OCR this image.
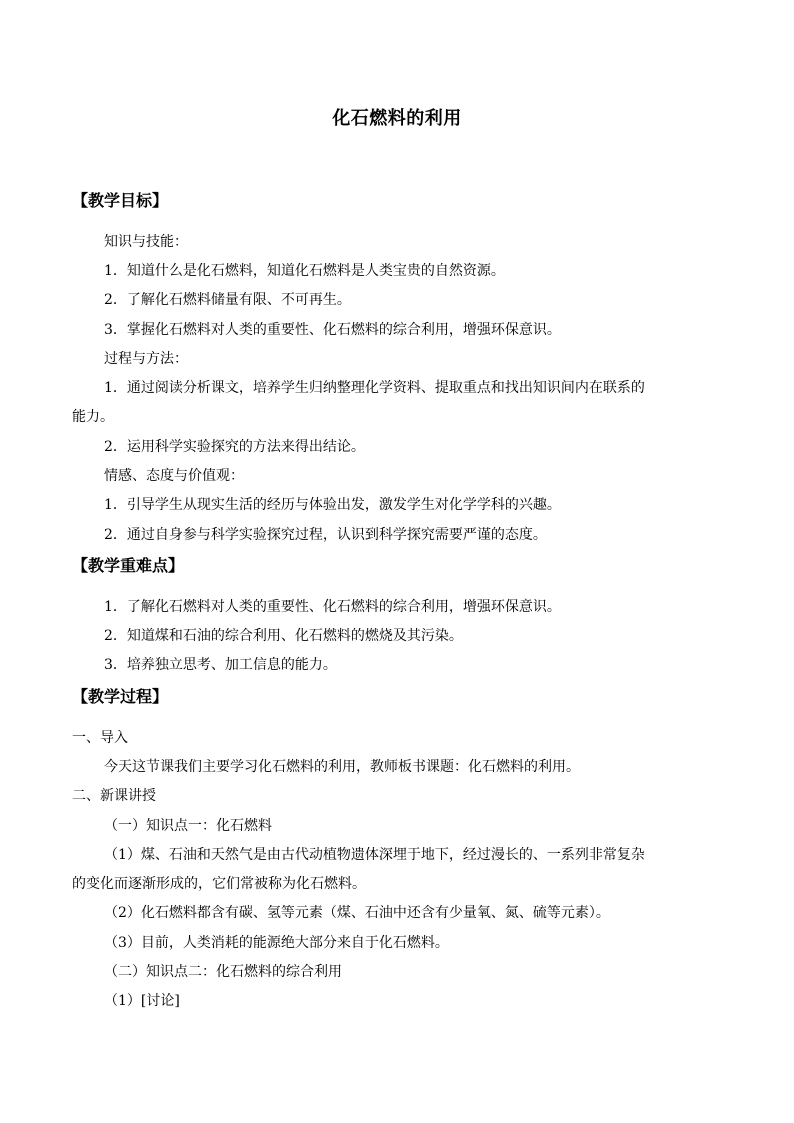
化石燃料的利用
【教学目标】
知识与技能：
1．知道什么是化石燃料，知道化石燃料是人类宝贵的自然资源。
2．了解化石燃料储量有限、不可再生。
3．掌握化石燃料对人类的重要性、化石燃料的综合利用，增强环保意识。
过程与方法：
1．通过阅读分析课文，培养学生归纳整理化学资料、提取重点和找出知识间内在联系的
能力。
2．运用科学实验探究的方法来得出结论。
情感、态度与价值观：
1．引导学生从现实生活的经历与体验出发，激发学生对化学学科的兴趣。
2．通过自身参与科学实验探究过程，认识到科学探究需要严谨的态度。
【教学重难点】
1．了解化石燃料对人类的重要性、化石燃料的综合利用，增强环保意识。
2．知道煤和石油的综合利用、化石燃料的燃烧及其污染。
3．培养独立思考、加工信息的能力。
【教学过程】
一、导入
今天这节课我们主要学习化石燃料的利用，教师板书课题：化石燃料的利用。
二、新课讲授
（一）知识点一：化石燃料
（1）煤、石油和天然气是由古代动植物遗体深埋于地下，经过漫长的、一系列非常复杂
的变化而逐渐形成的，它们常被称为化石燃料。
（2）化石燃料都含有碳、氢等元素（煤、石油中还含有少量氧、氮、硫等元素）。
（3）目前，人类消耗的能源绝大部分来自于化石燃料。
（二）知识点二：化石燃料的综合利用
（1）[讨论]
